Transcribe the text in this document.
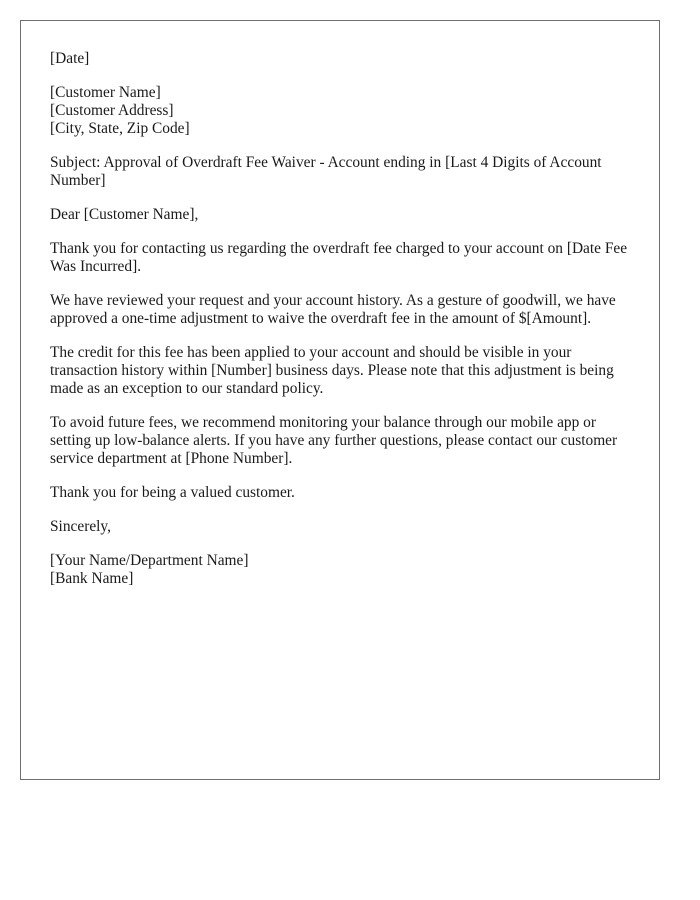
[Date]

[Customer Name]
[Customer Address]
[City, State, Zip Code]

Subject: Approval of Overdraft Fee Waiver - Account ending in [Last 4 Digits of Account Number]

Dear [Customer Name],

Thank you for contacting us regarding the overdraft fee charged to your account on [Date Fee Was Incurred].

We have reviewed your request and your account history. As a gesture of goodwill, we have approved a one-time adjustment to waive the overdraft fee in the amount of $[Amount].

The credit for this fee has been applied to your account and should be visible in your transaction history within [Number] business days. Please note that this adjustment is being made as an exception to our standard policy.

To avoid future fees, we recommend monitoring your balance through our mobile app or setting up low-balance alerts. If you have any further questions, please contact our customer service department at [Phone Number].

Thank you for being a valued customer.

Sincerely,

[Your Name/Department Name]
[Bank Name]
